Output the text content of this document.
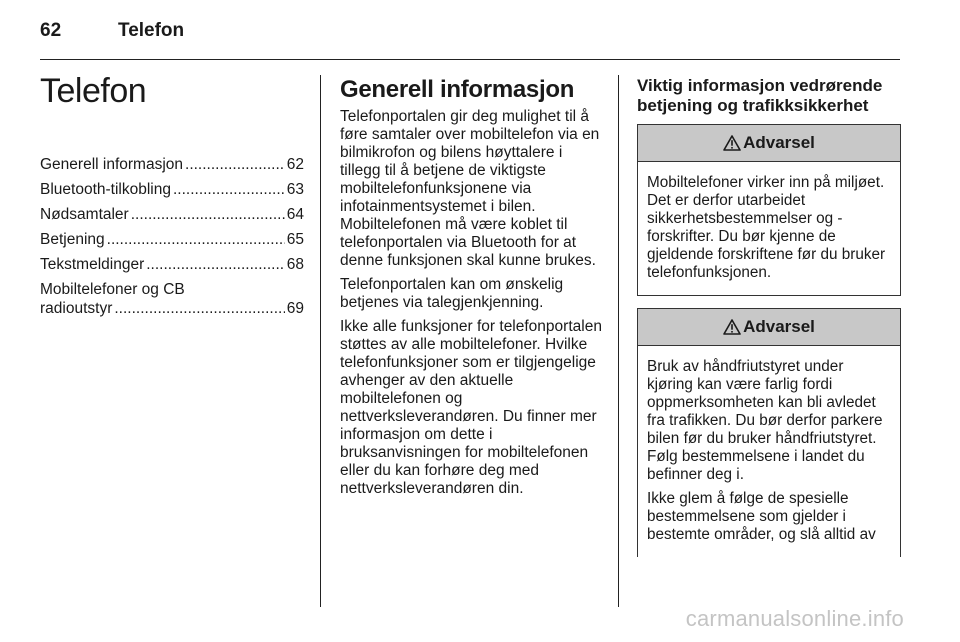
62	Telefon
Telefon
Generell informasjon .....	62
Bluetooth-tilkobling .....	63
Nødsamtaler .....	64
Betjening .....	65
Tekstmeldinger .....	68
Mobiltelefoner og CB
radioutstyr .....	69
Generell informasjon

Telefonportalen gir deg mulighet til å føre samtaler over mobiltelefon via en bilmikrofon og bilens høyttalere i tillegg til å betjene de viktigste mobiltelefonfunksjonene via infotainmentsystemet i bilen. Mobiltelefonen må være koblet til telefonportalen via Bluetooth for at denne funksjonen skal kunne brukes.

Telefonportalen kan om ønskelig betjenes via talegjenkjenning.

Ikke alle funksjoner for telefonportalen støttes av alle mobiltelefoner. Hvilke telefonfunksjoner som er tilgjengelige avhenger av den aktuelle mobiltelefonen og nettverksleverandøren. Du finner mer informasjon om dette i bruksanvisningen for mobiltelefonen eller du kan forhøre deg med nettverksleverandøren din.

Viktig informasjon vedrørende betjening og trafikksikkerhet
Advarsel

Mobiltelefoner virker inn på miljøet. Det er derfor utarbeidet sikkerhetsbestemmelser og -forskrifter. Du bør kjenne de gjeldende forskriftene før du bruker telefonfunksjonen.

Advarsel

Bruk av håndfriutstyret under kjøring kan være farlig fordi oppmerksomheten kan bli avledet fra trafikken. Du bør derfor parkere bilen før du bruker håndfriutstyret. Følg bestemmelsene i landet du befinner deg i.

Ikke glem å følge de spesielle bestemmelsene som gjelder i bestemte områder, og slå alltid av

carmanualsonline.info
